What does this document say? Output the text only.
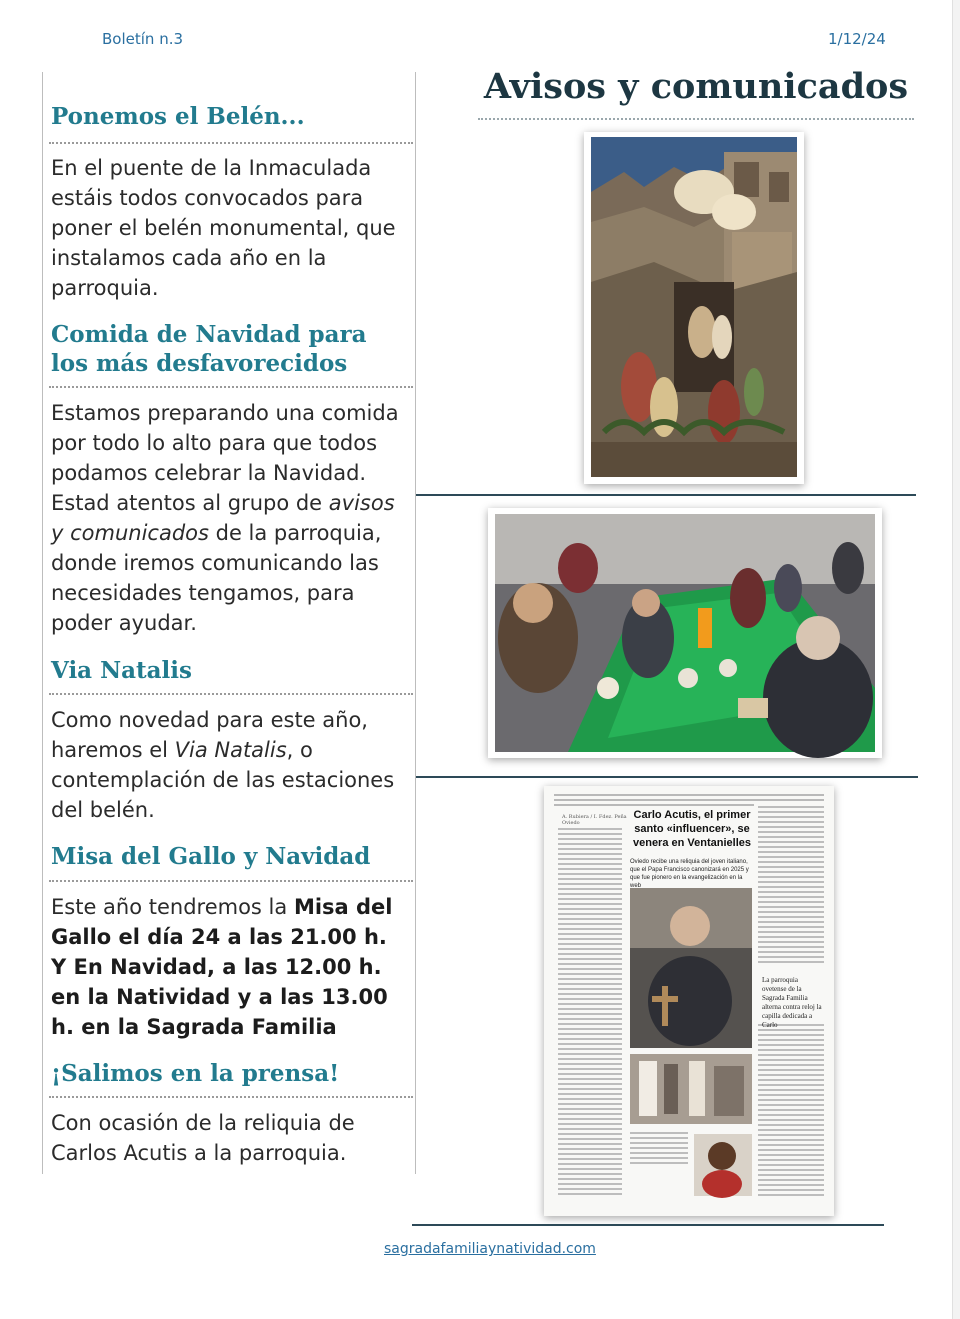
Boletín n.3	1/12/24
Ponemos el Belén...

En el puente de la Inmaculada estáis todos convocados para poner el belén monumental, que instalamos cada año en la parroquia.

Comida de Navidad para los más desfavorecidos

Estamos preparando una comida por todo lo alto para que todos podamos celebrar la Navidad. Estad atentos al grupo de avisos y comunicados de la parroquia, donde iremos comunicando las necesidades tengamos, para poder ayudar.

Via Natalis

Como novedad para este año, haremos el Via Natalis, o contemplación de las estaciones del belén.

Misa del Gallo y Navidad

Este año tendremos la Misa del Gallo el día 24 a las 21.00 h. Y En Navidad, a las 12.00 h. en la Natividad y a las 13.00 h. en la Sagrada Familia

¡Salimos en la prensa!

Con ocasión de la reliquia de Carlos Acutis a la parroquia.

Avisos y comunicados
A. Rubiera / I. Fdez. Peña
Oviedo
Carlo Acutis, el primer santo «influencer», se venera en Ventanielles
Oviedo recibe una reliquia del joven italiano, que el Papa Francisco canonizará en 2025 y que fue pionero en la evangelización en la web
La parroquia ovetense de la Sagrada Familia alterna contra reloj la capilla dedicada a Carlo
sagradafamiliaynatividad.com
